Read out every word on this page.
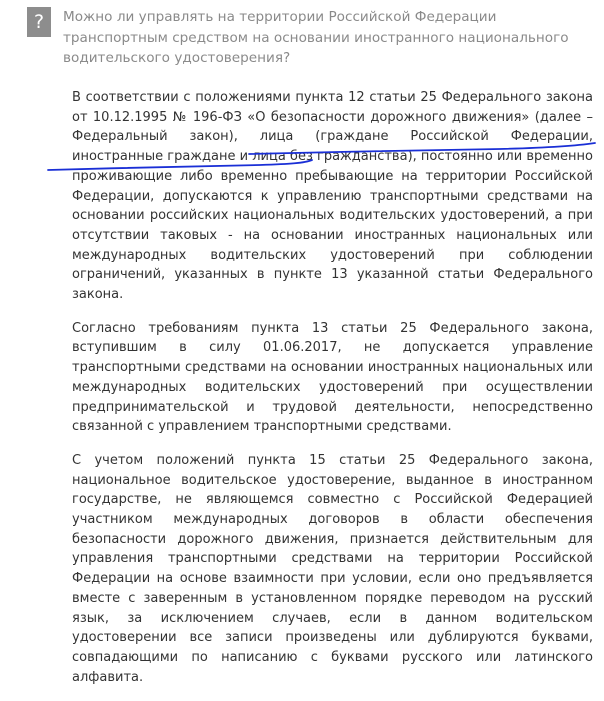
?	Можно ли управлять на территории Российской Федерации транспортным средством на основании иностранного национального водительского удостоверения?

В соответствии с положениями пункта 12 статьи 25 Федерального закона от 10.12.1995 № 196-ФЗ «О безопасности дорожного движения» (далее – Федеральный закон), лица (граждане Российской Федерации, иностранные граждане и лица без гражданства), постоянно или временно проживающие либо временно пребывающие на территории Российской Федерации, допускаются к управлению транспортными средствами на основании российских национальных водительских удостоверений, а при отсутствии таковых - на основании иностранных национальных или международных водительских удостоверений при соблюдении ограничений, указанных в пункте 13 указанной статьи Федерального закона.

Согласно требованиям пункта 13 статьи 25 Федерального закона, вступившим в силу 01.06.2017, не допускается управление транспортными средствами на основании иностранных национальных или международных водительских удостоверений при осуществлении предпринимательской и трудовой деятельности, непосредственно связанной с управлением транспортными средствами.

С учетом положений пункта 15 статьи 25 Федерального закона, национальное водительское удостоверение, выданное в иностранном государстве, не являющемся совместно с Российской Федерацией участником международных договоров в области обеспечения безопасности дорожного движения, признается действительным для управления транспортными средствами на территории Российской Федерации на основе взаимности при условии, если оно предъявляется вместе с заверенным в установленном порядке переводом на русский язык, за исключением случаев, если в данном водительском удостоверении все записи произведены или дублируются буквами, совпадающими по написанию с буквами русского или латинского алфавита.
